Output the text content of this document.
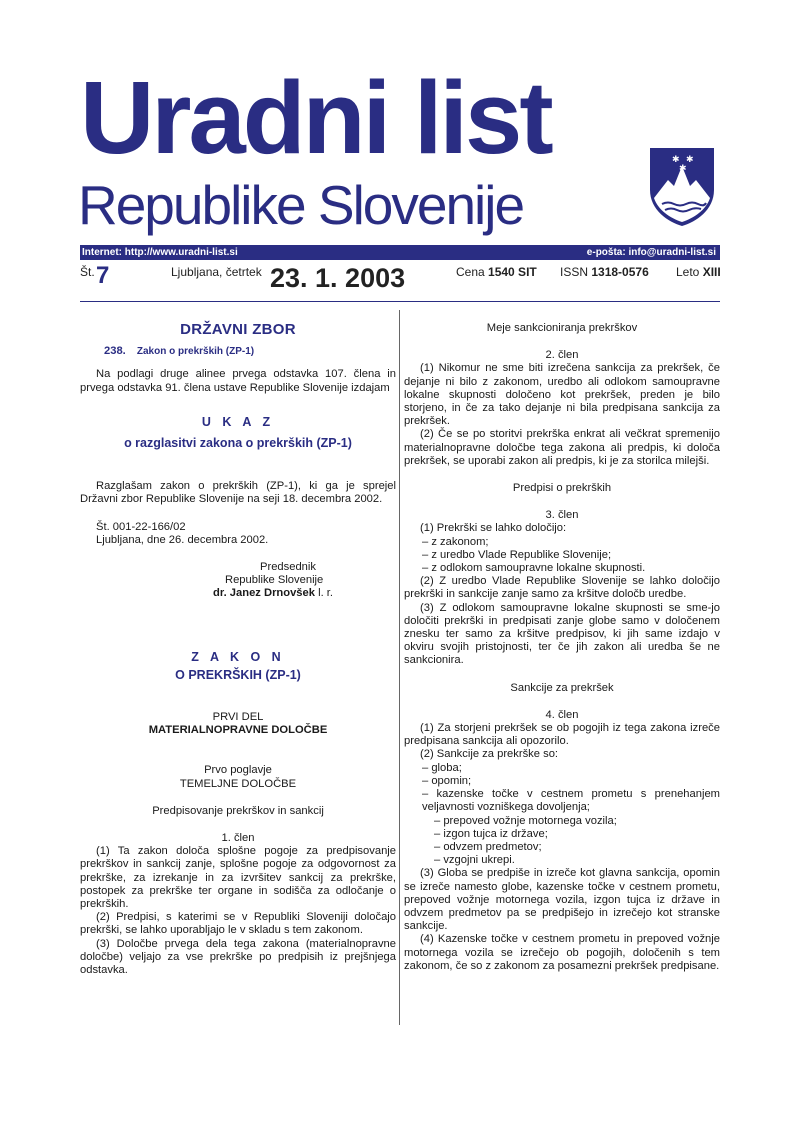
Uradni list
Republike Slovenije
✱ ✱
✱
Internet: http://www.uradni-list.si	e-pošta: info@uradni-list.si
Št. 7	Ljubljana, četrtek 23. 1. 2003	Cena 1540 SIT ISSN 1318-0576 Leto XIII

DRŽAVNI ZBOR

238. Zakon o prekrških (ZP-1)

Na podlagi druge alinee prvega odstavka 107. člena in prvega odstavka 91. člena ustave Republike Slovenije izdajam

U K A Z

o razglasitvi zakona o prekrških (ZP-1)

Razglašam zakon o prekrških (ZP-1), ki ga je sprejel Državni zbor Republike Slovenije na seji 18. decembra 2002.

Št. 001-22-166/02

Ljubljana, dne 26. decembra 2002.

Predsednik

Republike Slovenije

dr. Janez Drnovšek l. r.

Z A K O N

O PREKRŠKIH (ZP-1)

PRVI DEL

MATERIALNOPRAVNE DOLOČBE

Prvo poglavje

TEMELJNE DOLOČBE

Predpisovanje prekrškov in sankcij

1. člen

(1) Ta zakon določa splošne pogoje za predpisovanje prekrškov in sankcij zanje, splošne pogoje za odgovornost za prekrške, za izrekanje in za izvršitev sankcij za prekrške, postopek za prekrške ter organe in sodišča za odločanje o prekrških.

(2) Predpisi, s katerimi se v Republiki Sloveniji določajo prekrški, se lahko uporabljajo le v skladu s tem zakonom.

(3) Določbe prvega dela tega zakona (materialnopravne določbe) veljajo za vse prekrške po predpisih iz prejšnjega odstavka.

Meje sankcioniranja prekrškov

2. člen

(1) Nikomur ne sme biti izrečena sankcija za prekršek, če dejanje ni bilo z zakonom, uredbo ali odlokom samoupravne lokalne skupnosti določeno kot prekršek, preden je bilo storjeno, in če za tako dejanje ni bila predpisana sankcija za prekršek.

(2) Če se po storitvi prekrška enkrat ali večkrat spremenijo materialnopravne določbe tega zakona ali predpis, ki določa prekršek, se uporabi zakon ali predpis, ki je za storilca milejši.

Predpisi o prekrških

3. člen

(1) Prekrški se lahko določijo:

– z zakonom;

– z uredbo Vlade Republike Slovenije;

– z odlokom samoupravne lokalne skupnosti.

(2) Z uredbo Vlade Republike Slovenije se lahko določijo prekrški in sankcije zanje samo za kršitve določb uredbe.

(3) Z odlokom samoupravne lokalne skupnosti se sme-jo določiti prekrški in predpisati zanje globe samo v določenem znesku ter samo za kršitve predpisov, ki jih same izdajo v okviru svojih pristojnosti, ter če jih zakon ali uredba še ne sankcionira.

Sankcije za prekršek

4. člen

(1) Za storjeni prekršek se ob pogojih iz tega zakona izreče predpisana sankcija ali opozorilo.

(2) Sankcije za prekrške so:

– globa;

– opomin;

– kazenske točke v cestnem prometu s prenehanjem veljavnosti vozniškega dovoljenja;

– prepoved vožnje motornega vozila;

– izgon tujca iz države;

– odvzem predmetov;

– vzgojni ukrepi.

(3) Globa se predpiše in izreče kot glavna sankcija, opomin se izreče namesto globe, kazenske točke v cestnem prometu, prepoved vožnje motornega vozila, izgon tujca iz države in odvzem predmetov pa se predpišejo in izrečejo kot stranske sankcije.

(4) Kazenske točke v cestnem prometu in prepoved vožnje motornega vozila se izrečejo ob pogojih, določenih s tem zakonom, če so z zakonom za posamezni prekršek predpisane.
